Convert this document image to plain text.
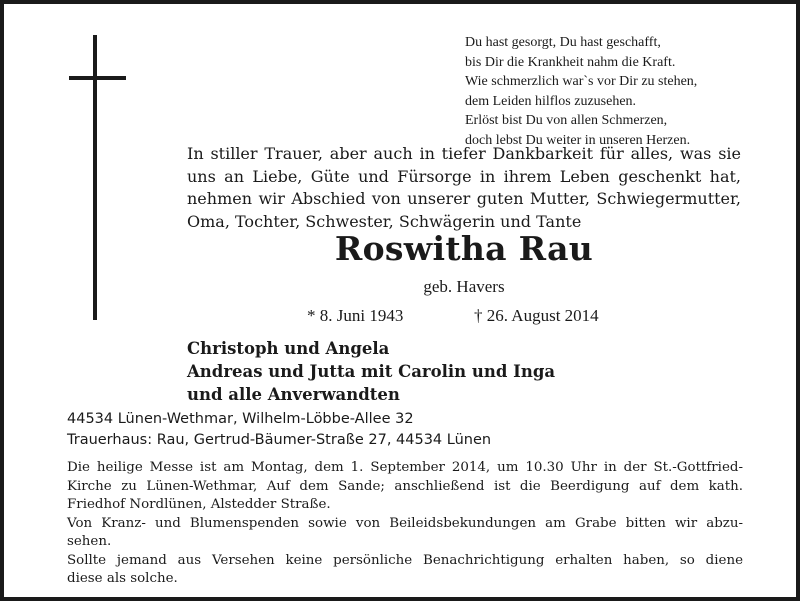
Du hast gesorgt, Du hast geschafft,
bis Dir die Krankheit nahm die Kraft.
Wie schmerzlich war`s vor Dir zu stehen,
dem Leiden hilflos zuzusehen.
Erlöst bist Du von allen Schmerzen,
doch lebst Du weiter in unseren Herzen.
In stiller Trauer, aber auch in tiefer Dankbarkeit für alles, was sie
uns an Liebe, Güte und Fürsorge in ihrem Leben geschenkt hat,
nehmen wir Abschied von unserer guten Mutter, Schwiegermutter,
Oma, Tochter, Schwester, Schwägerin und Tante
Roswitha Rau
geb. Havers
* 8. Juni 1943	† 26. August 2014
Christoph und Angela
Andreas und Jutta mit Carolin und Inga
und alle Anverwandten
44534 Lünen-Wethmar, Wilhelm-Löbbe-Allee 32
Trauerhaus: Rau, Gertrud-Bäumer-Straße 27, 44534 Lünen
Die heilige Messe ist am Montag, dem 1. September 2014, um 10.30 Uhr in der St.-Gottfried-
Kirche zu Lünen-Wethmar, Auf dem Sande; anschließend ist die Beerdigung auf dem kath.
Friedhof Nordlünen, Alstedder Straße.
Von Kranz- und Blumenspenden sowie von Beileidsbekundungen am Grabe bitten wir abzu-
sehen.
Sollte jemand aus Versehen keine persönliche Benachrichtigung erhalten haben, so diene
diese als solche.
